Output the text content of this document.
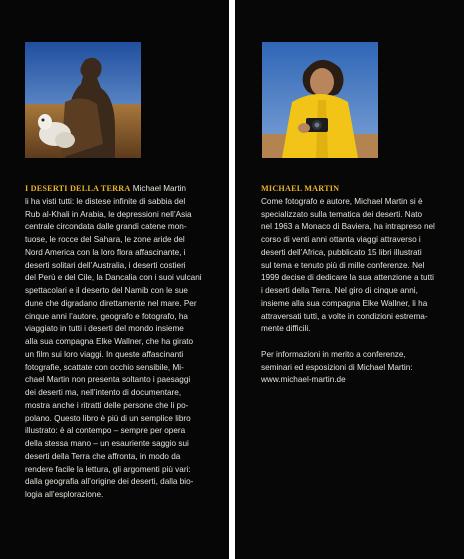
I DESERTI DELLA TERRA Michael Martin
li ha visti tutti: le distese infinite di sabbia del
Rub al-Khali in Arabia, le depressioni nell’Asia
centrale circondata dalle grandi catene mon-
tuose, le rocce del Sahara, le zone aride del
Nord America con la loro flora affascinante, i
deserti solitari dell’Australia, i deserti costieri
del Perù e del Cile, la Dancalia con i suoi vulcani
spettacolari e il deserto del Namib con le sue
dune che digradano direttamente nel mare. Per
cinque anni l’autore, geografo e fotografo, ha
viaggiato in tutti i deserti del mondo insieme
alla sua compagna Elke Wallner, che ha girato
un film sui loro viaggi. In queste affascinanti
fotografie, scattate con occhio sensibile, Mi-
chael Martin non presenta soltanto i paesaggi
dei deserti ma, nell’intento di documentare,
mostra anche i ritratti delle persone che li po-
polano. Questo libro è più di un semplice libro
illustrato: è al contempo – sempre per opera
della stessa mano – un esauriente saggio sui
deserti della Terra che affronta, in modo da
rendere facile la lettura, gli argomenti più vari:
dalla geografia all’origine dei deserti, dalla bio-
logia all’esplorazione.
MICHAEL MARTIN
Come fotografo e autore, Michael Martin si è
specializzato sulla tematica dei deserti. Nato
nel 1963 a Monaco di Baviera, ha intrapreso nel
corso di venti anni ottanta viaggi attraverso i
deserti dell’Africa, pubblicato 15 libri illustrati
sul tema e tenuto più di mille conferenze. Nel
1999 decise di dedicare la sua attenzione a tutti
i deserti della Terra. Nel giro di cinque anni,
insieme alla sua compagna Elke Wallner, li ha
attraversati tutti, a volte in condizioni estrema-
mente difficili.
Per informazioni in merito a conferenze,
seminari ed esposizioni di Michael Martin:
www.michael-martin.de
